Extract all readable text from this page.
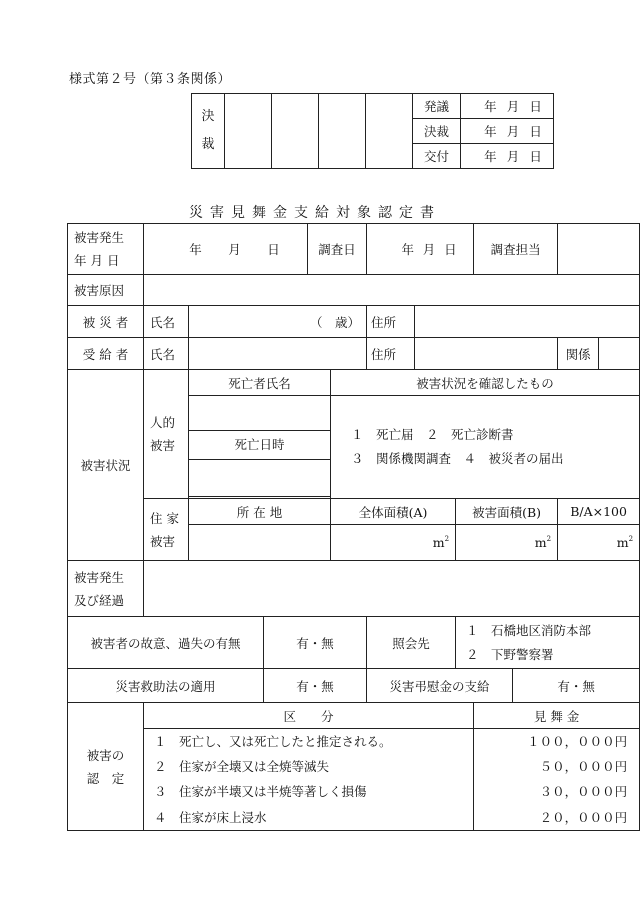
様式第２号（第３条関係）
決
裁					発議	年 月 日

					決裁	年 月 日

					交付	年 月 日
災害見舞金支給対象認定書
被害発生
年 月 日	年 月 日			調査日		年 月 日			調査担当			
被害原因												
被 災 者	氏名	（　歳）				住所						
受 給 者	氏名					住所					関係	
被害状況	人的
被害	死亡者氏名			被害状況を確認したもの							

		死亡日時			１　死亡届　２　死亡診断書
３　関係機関調査　４　被災者の届出							

	住 家
被害	所 在 地			全体面積(A)			被害面積(B)			B/A×100	
					$m^2$			$m^2$			$m^2$
被害発生
及び経過												
被害者の故意、過失の有無			有・無			照会先		１　石橋地区消防本部
２　下野警察署				
災害救助法の適用			有・無			災害弔慰金の支給				有・無		
被害の
認　定	区　　分								見 舞 金			
	１　死亡し、又は死亡したと推定される。								１００，０００円			
	２　住家が全壊又は全焼等滅失								５０，０００円			
	３　住家が半壊又は半焼等著しく損傷								３０，０００円			
	４　住家が床上浸水								２０，０００円			
